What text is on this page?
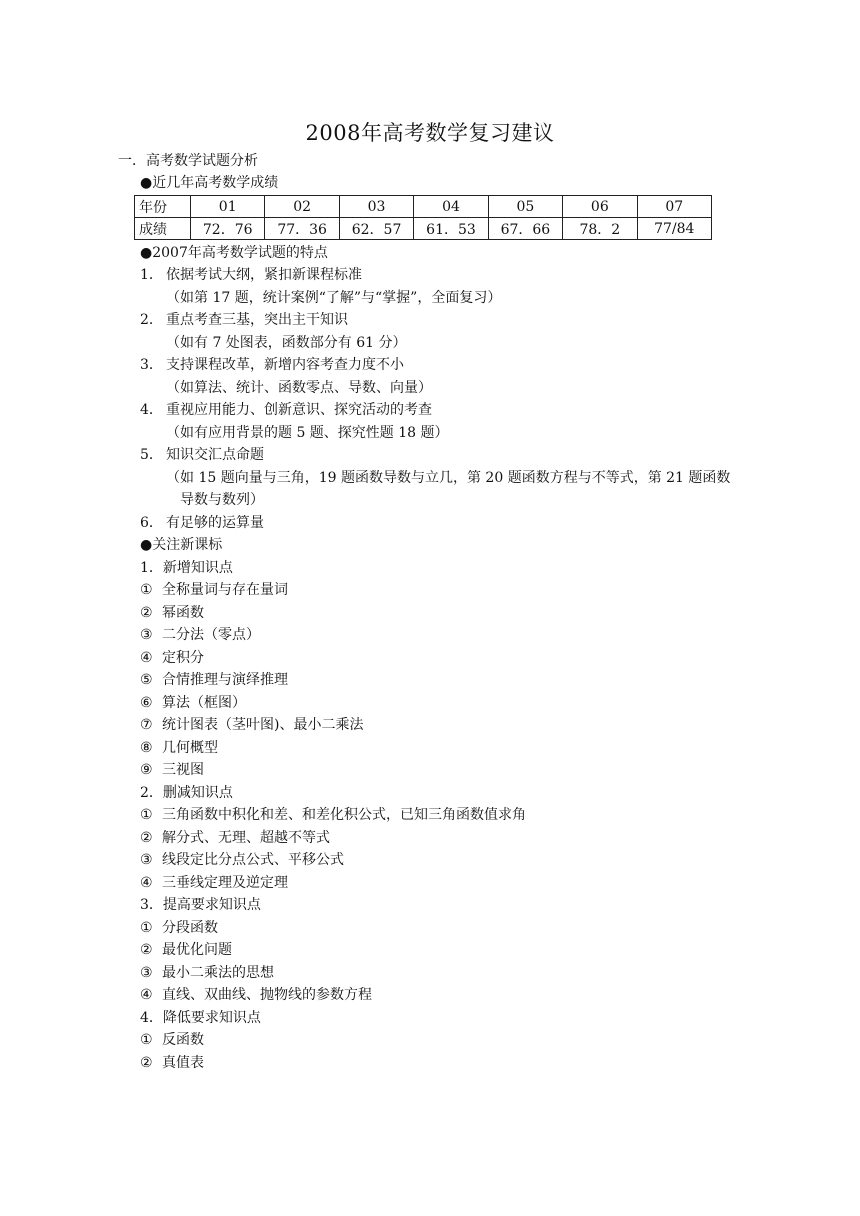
2008年高考数学复习建议
一．高考数学试题分析
●近几年高考数学成绩
年份	01	02	03	04	05	06	07
成绩	72．76	77．36	62．57	61．53	67．66	78．2	77/84
●2007年高考数学试题的特点
1． 依据考试大纲，紧扣新课程标准
（如第 17 题，统计案例“了解”与“掌握”，全面复习）
2． 重点考查三基，突出主干知识
（如有 7 处图表，函数部分有 61 分）
3． 支持课程改革，新增内容考查力度不小
（如算法、统计、函数零点、导数、向量）
4． 重视应用能力、创新意识、探究活动的考查
（如有应用背景的题 5 题、探究性题 18 题）
5． 知识交汇点命题
（如 15 题向量与三角，19 题函数导数与立几，第 20 题函数方程与不等式，第 21 题函数
导数与数列）
6． 有足够的运算量
●关注新课标
1．新增知识点
① 全称量词与存在量词
② 幂函数
③ 二分法（零点）
④ 定积分
⑤ 合情推理与演绎推理
⑥ 算法（框图）
⑦ 统计图表（茎叶图)、最小二乘法
⑧ 几何概型
⑨ 三视图
2．删减知识点
① 三角函数中积化和差、和差化积公式，已知三角函数值求角
② 解分式、无理、超越不等式
③ 线段定比分点公式、平移公式
④ 三垂线定理及逆定理
3．提高要求知识点
① 分段函数
② 最优化问题
③ 最小二乘法的思想
④ 直线、双曲线、抛物线的参数方程
4．降低要求知识点
① 反函数
② 真值表
